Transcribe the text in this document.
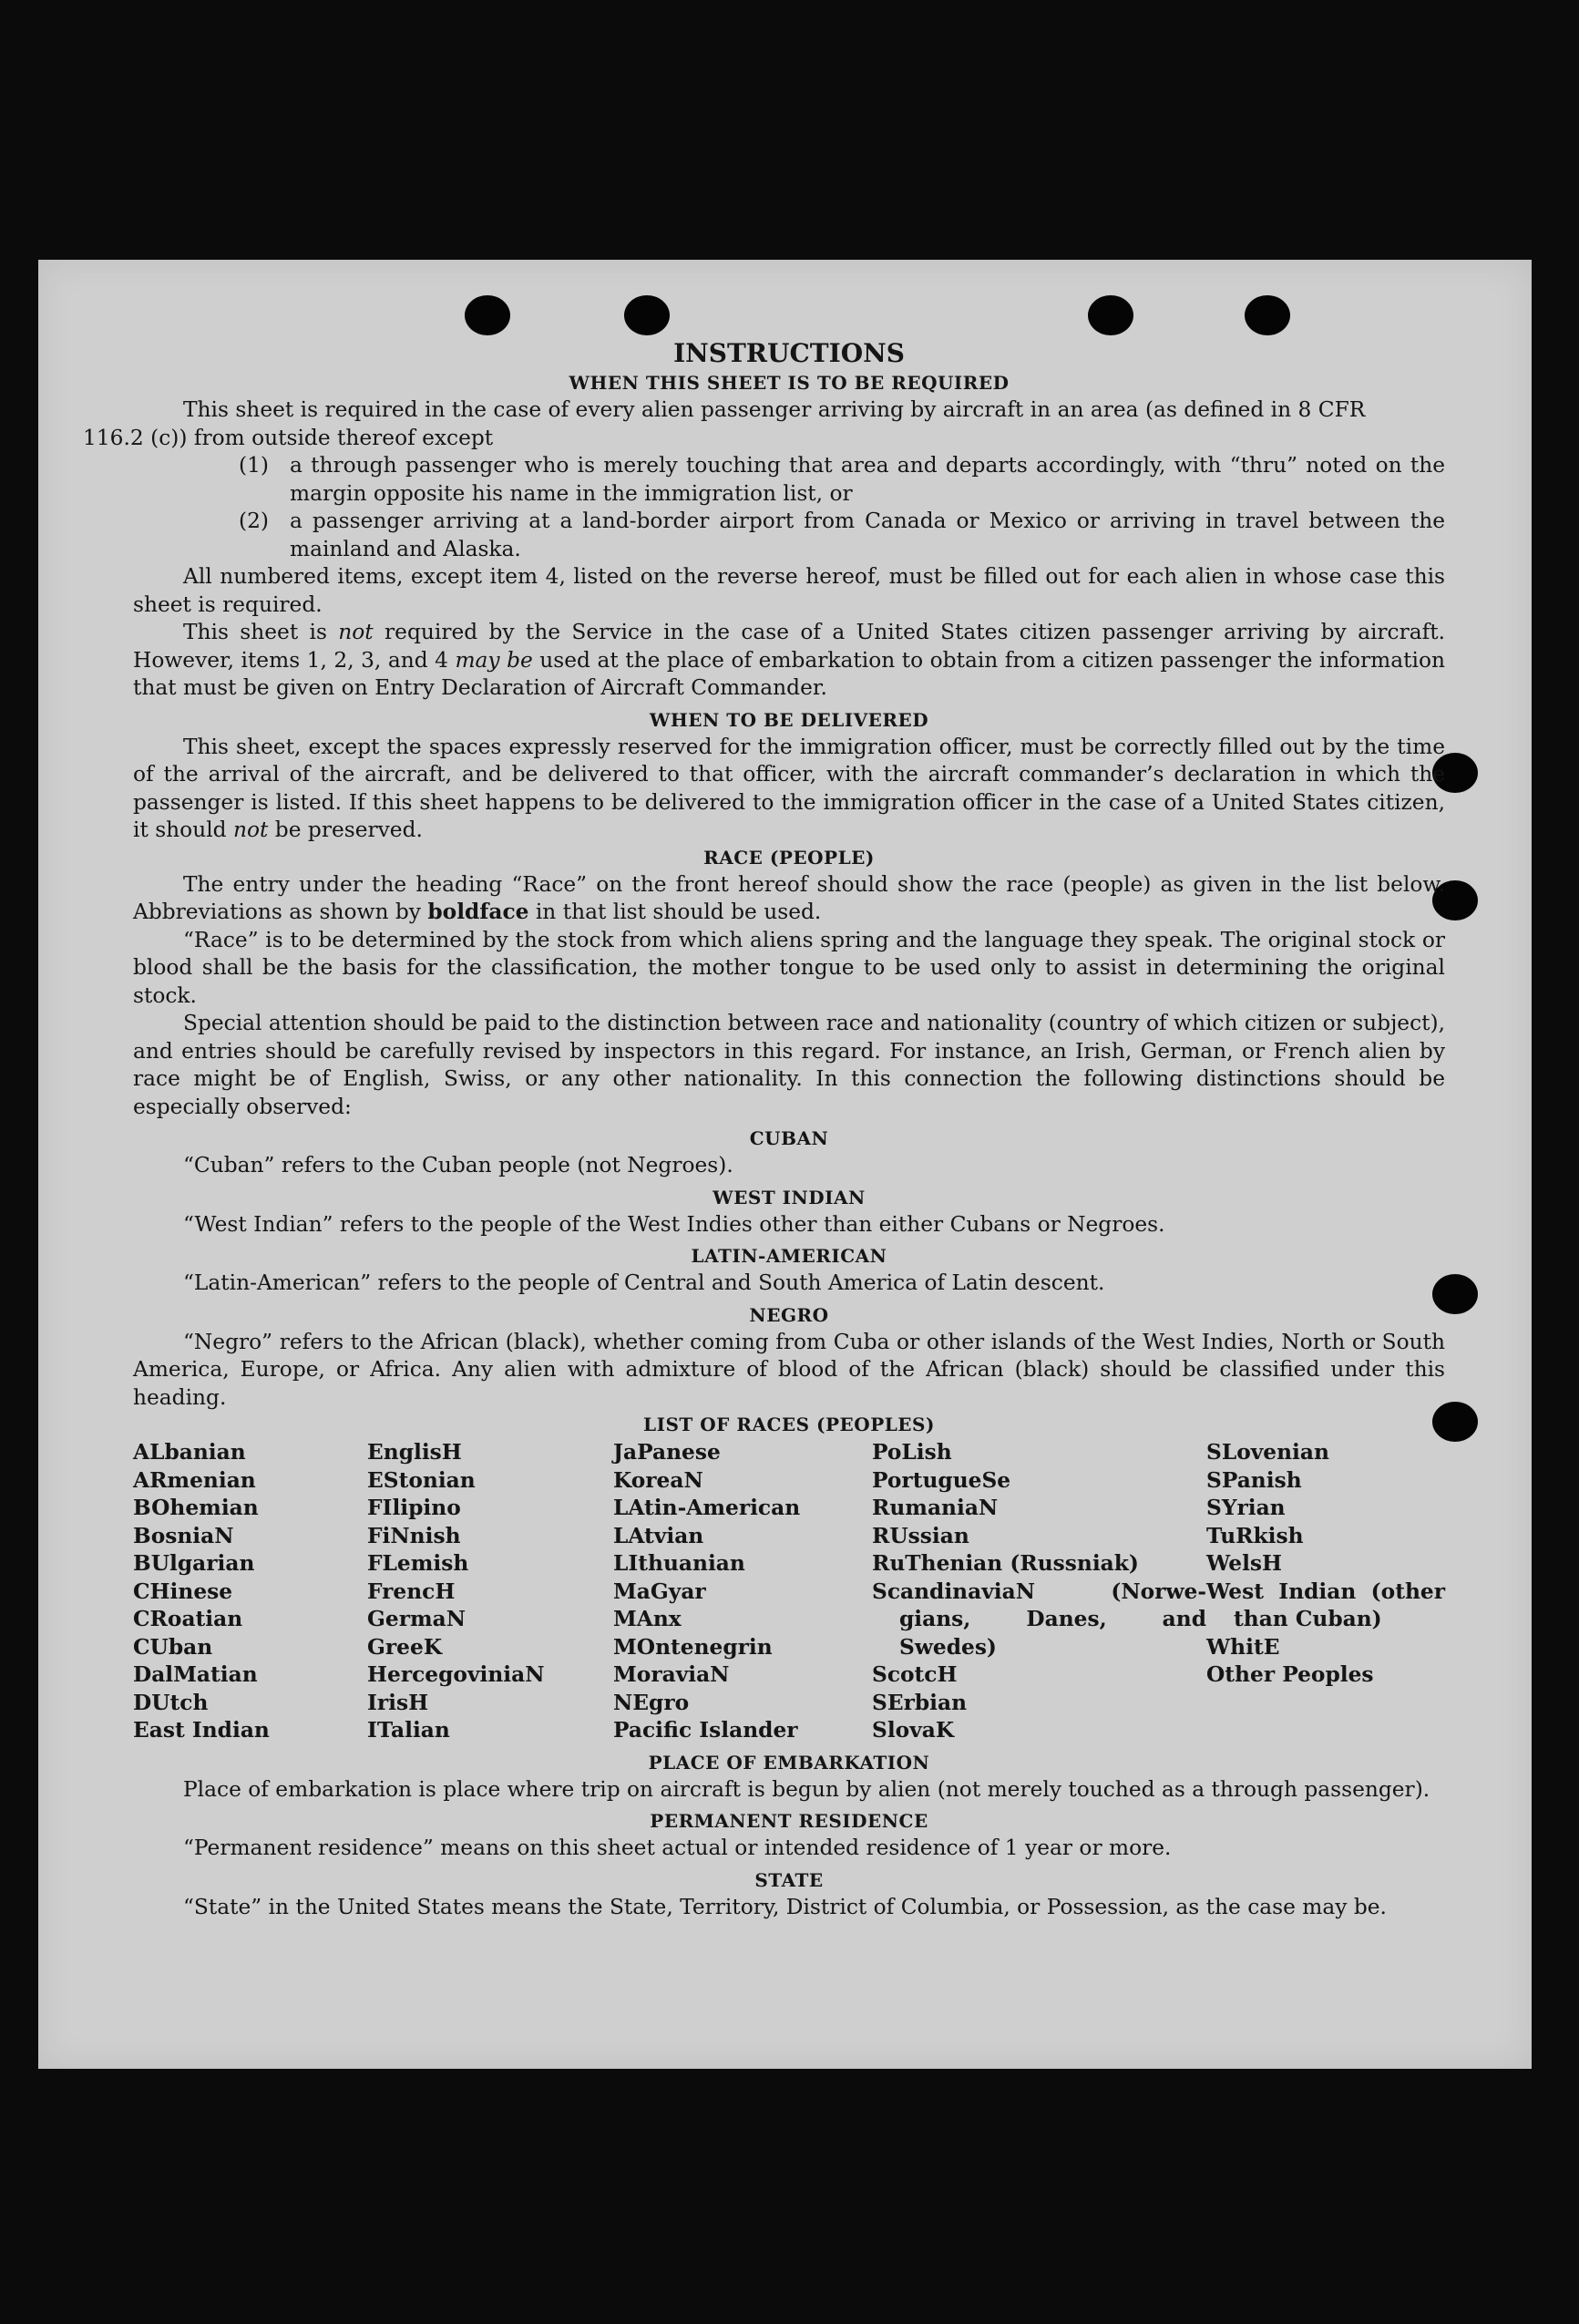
INSTRUCTIONS

WHEN THIS SHEET IS TO BE REQUIRED

This sheet is required in the case of every alien passenger arriving by aircraft in an area (as defined in 8 CFR
116.2 (c)) from outside thereof except

(1) a through passenger who is merely touching that area and departs accordingly, with “thru” noted on the margin opposite his name in the immigration list, or

(2) a passenger arriving at a land-border airport from Canada or Mexico or arriving in travel between the mainland and Alaska.

All numbered items, except item 4, listed on the reverse hereof, must be filled out for each alien in whose case this sheet is required.

This sheet is not required by the Service in the case of a United States citizen passenger arriving by aircraft. However, items 1, 2, 3, and 4 may be used at the place of embarkation to obtain from a citizen passenger the information that must be given on Entry Declaration of Aircraft Commander.

WHEN TO BE DELIVERED

This sheet, except the spaces expressly reserved for the immigration officer, must be correctly filled out by the time of the arrival of the aircraft, and be delivered to that officer, with the aircraft commander’s declaration in which the passenger is listed. If this sheet happens to be delivered to the immigration officer in the case of a United States citizen, it should not be preserved.

RACE (PEOPLE)

The entry under the heading “Race” on the front hereof should show the race (people) as given in the list below. Abbreviations as shown by boldface in that list should be used.

“Race” is to be determined by the stock from which aliens spring and the language they speak. The original stock or blood shall be the basis for the classification, the mother tongue to be used only to assist in determining the original stock.

Special attention should be paid to the distinction between race and nationality (country of which citizen or subject), and entries should be carefully revised by inspectors in this regard. For instance, an Irish, German, or French alien by race might be of English, Swiss, or any other nationality. In this connection the following distinctions should be especially observed:

CUBAN

“Cuban” refers to the Cuban people (not Negroes).

WEST INDIAN

“West Indian” refers to the people of the West Indies other than either Cubans or Negroes.

LATIN-AMERICAN

“Latin-American” refers to the people of Central and South America of Latin descent.

NEGRO

“Negro” refers to the African (black), whether coming from Cuba or other islands of the West Indies, North or South America, Europe, or Africa. Any alien with admixture of blood of the African (black) should be classified under this heading.

LIST OF RACES (PEOPLES)

ALbanian
ARmenian
BOhemian
BosniaN
BUlgarian
CHinese
CRoatian
CUban
DalMatian
DUtch
East Indian
EnglisH
EStonian
FIlipino
FiNnish
FLemish
FrencH
GermaN
GreeK
HercegoviniaN
IrisH
ITalian
JaPanese
KoreaN
LAtin-American
LAtvian
LIthuanian
MaGyar
MAnx
MOntenegrin
MoraviaN
NEgro
Pacific Islander
PoLish
PortugueSe
RumaniaN
RUssian
RuThenian (Russniak)
ScandinaviaN (Norwe-
gians, Danes, and
Swedes)
ScotcH
SErbian
SlovaK
SLovenian
SPanish
SYrian
TuRkish
WelsH
West Indian (other
than Cuban)
WhitE
Other Peoples

PLACE OF EMBARKATION

Place of embarkation is place where trip on aircraft is begun by alien (not merely touched as a through passenger).

PERMANENT RESIDENCE

“Permanent residence” means on this sheet actual or intended residence of 1 year or more.

STATE

“State” in the United States means the State, Territory, District of Columbia, or Possession, as the case may be.
